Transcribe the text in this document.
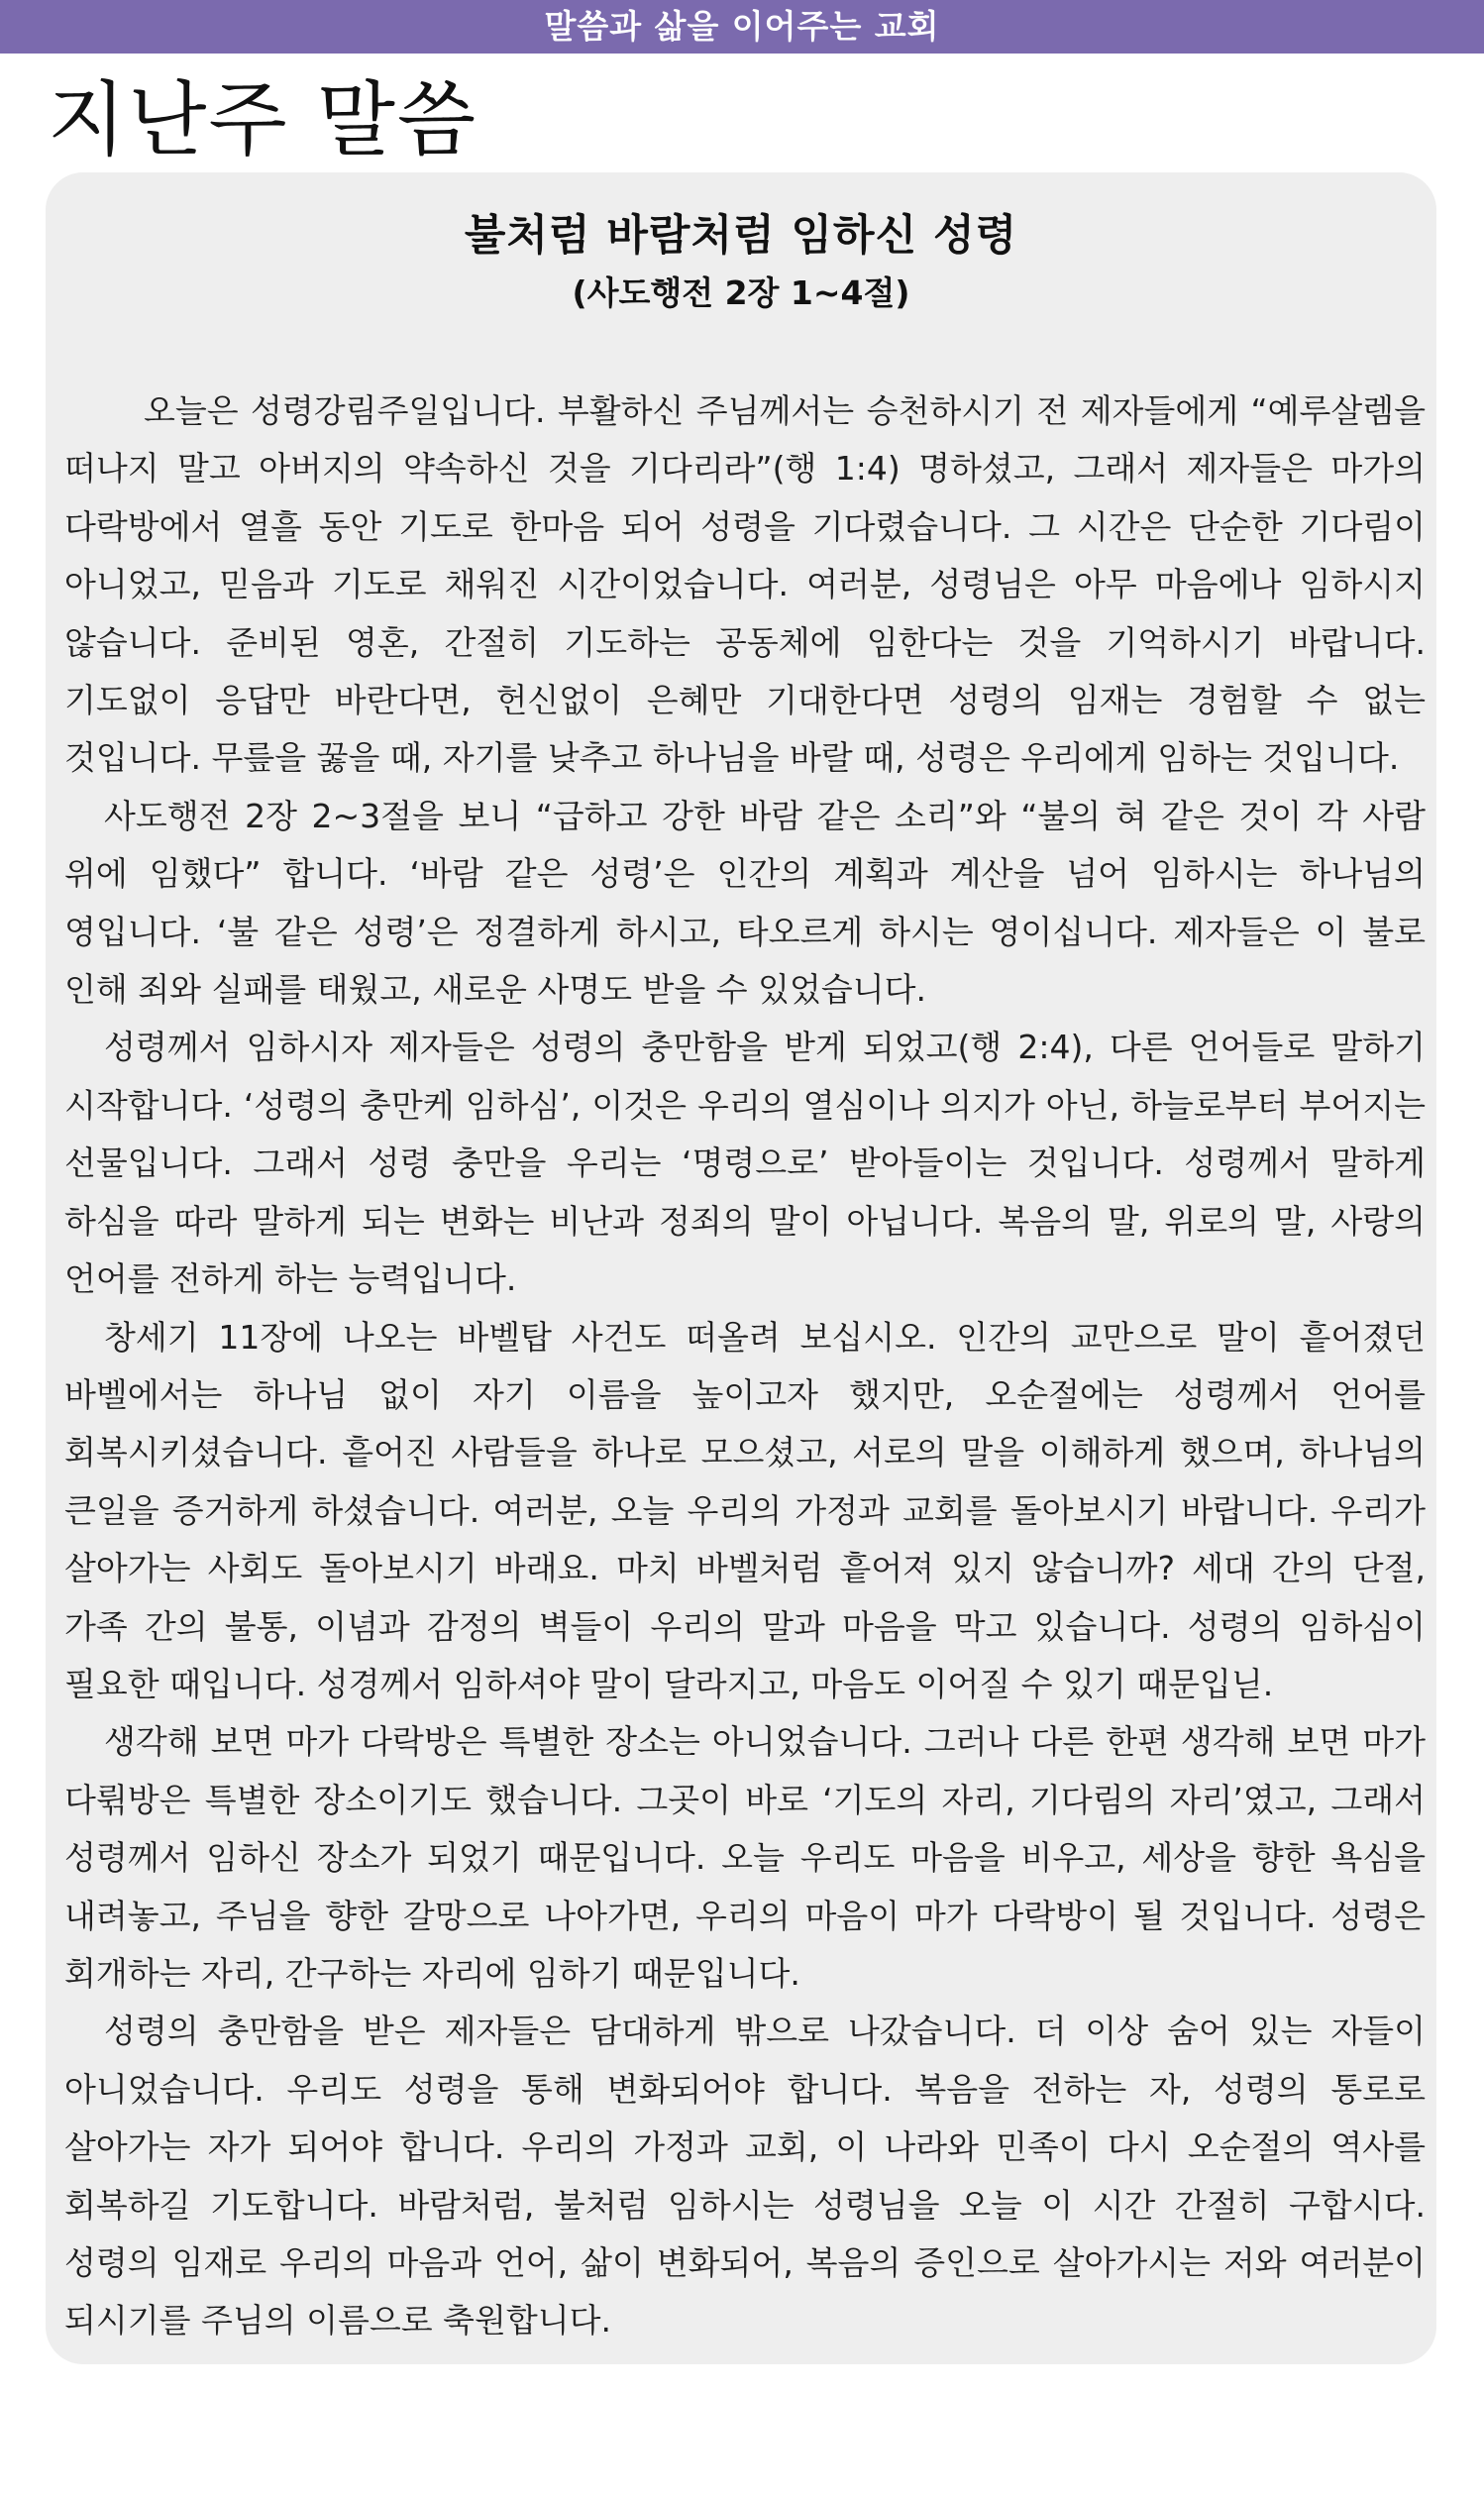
말씀과 삶을 이어주는 교회
지난주 말씀
불처럼 바람처럼 임하신 성령
(사도행전 2장 1~4절)

오늘은 성령강림주일입니다. 부활하신 주님께서는 승천하시기 전 제자들에게 “예루살렘을 떠나지 말고 아버지의 약속하신 것을 기다리라”(행 1:4) 명하셨고, 그래서 제자들은 마가의 다락방에서 열흘 동안 기도로 한마음 되어 성령을 기다렸습니다. 그 시간은 단순한 기다림이 아니었고, 믿음과 기도로 채워진 시간이었습니다. 여러분, 성령님은 아무 마음에나 임하시지 않습니다. 준비된 영혼, 간절히 기도하는 공동체에 임한다는 것을 기억하시기 바랍니다. 기도없이 응답만 바란다면, 헌신없이 은혜만 기대한다면 성령의 임재는 경험할 수 없는 것입니다. 무릎을 꿇을 때, 자기를 낮추고 하나님을 바랄 때, 성령은 우리에게 임하는 것입니다.

사도행전 2장 2~3절을 보니 “급하고 강한 바람 같은 소리”와 “불의 혀 같은 것이 각 사람 위에 임했다” 합니다. ‘바람 같은 성령’은 인간의 계획과 계산을 넘어 임하시는 하나님의 영입니다. ‘불 같은 성령’은 정결하게 하시고, 타오르게 하시는 영이십니다. 제자들은 이 불로 인해 죄와 실패를 태웠고, 새로운 사명도 받을 수 있었습니다.

성령께서 임하시자 제자들은 성령의 충만함을 받게 되었고(행 2:4), 다른 언어들로 말하기 시작합니다. ‘성령의 충만케 임하심’, 이것은 우리의 열심이나 의지가 아닌, 하늘로부터 부어지는 선물입니다. 그래서 성령 충만을 우리는 ‘명령으로’ 받아들이는 것입니다. 성령께서 말하게 하심을 따라 말하게 되는 변화는 비난과 정죄의 말이 아닙니다. 복음의 말, 위로의 말, 사랑의 언어를 전하게 하는 능력입니다.

창세기 11장에 나오는 바벨탑 사건도 떠올려 보십시오. 인간의 교만으로 말이 흩어졌던 바벨에서는 하나님 없이 자기 이름을 높이고자 했지만, 오순절에는 성령께서 언어를 회복시키셨습니다. 흩어진 사람들을 하나로 모으셨고, 서로의 말을 이해하게 했으며, 하나님의 큰일을 증거하게 하셨습니다. 여러분, 오늘 우리의 가정과 교회를 돌아보시기 바랍니다. 우리가 살아가는 사회도 돌아보시기 바래요. 마치 바벨처럼 흩어져 있지 않습니까? 세대 간의 단절, 가족 간의 불통, 이념과 감정의 벽들이 우리의 말과 마음을 막고 있습니다. 성령의 임하심이 필요한 때입니다. 성경께서 임하셔야 말이 달라지고, 마음도 이어질 수 있기 때문입닏.

생각해 보면 마가 다락방은 특별한 장소는 아니었습니다. 그러나 다른 한편 생각해 보면 마가 다뤾방은 특별한 장소이기도 했습니다. 그곳이 바로 ‘기도의 자리, 기다림의 자리’였고, 그래서 성령께서 임하신 장소가 되었기 때문입니다. 오늘 우리도 마음을 비우고, 세상을 향한 욕심을 내려놓고, 주님을 향한 갈망으로 나아가면, 우리의 마음이 마가 다락방이 될 것입니다. 성령은 회개하는 자리, 간구하는 자리에 임하기 때문입니다.

성령의 충만함을 받은 제자들은 담대하게 밖으로 나갔습니다. 더 이상 숨어 있는 자들이 아니었습니다. 우리도 성령을 통해 변화되어야 합니다. 복음을 전하는 자, 성령의 통로로 살아가는 자가 되어야 합니다. 우리의 가정과 교회, 이 나라와 민족이 다시 오순절의 역사를 회복하길 기도합니다. 바람처럼, 불처럼 임하시는 성령님을 오늘 이 시간 간절히 구합시다. 성령의 임재로 우리의 마음과 언어, 삶이 변화되어, 복음의 증인으로 살아가시는 저와 여러분이 되시기를 주님의 이름으로 축원합니다.
